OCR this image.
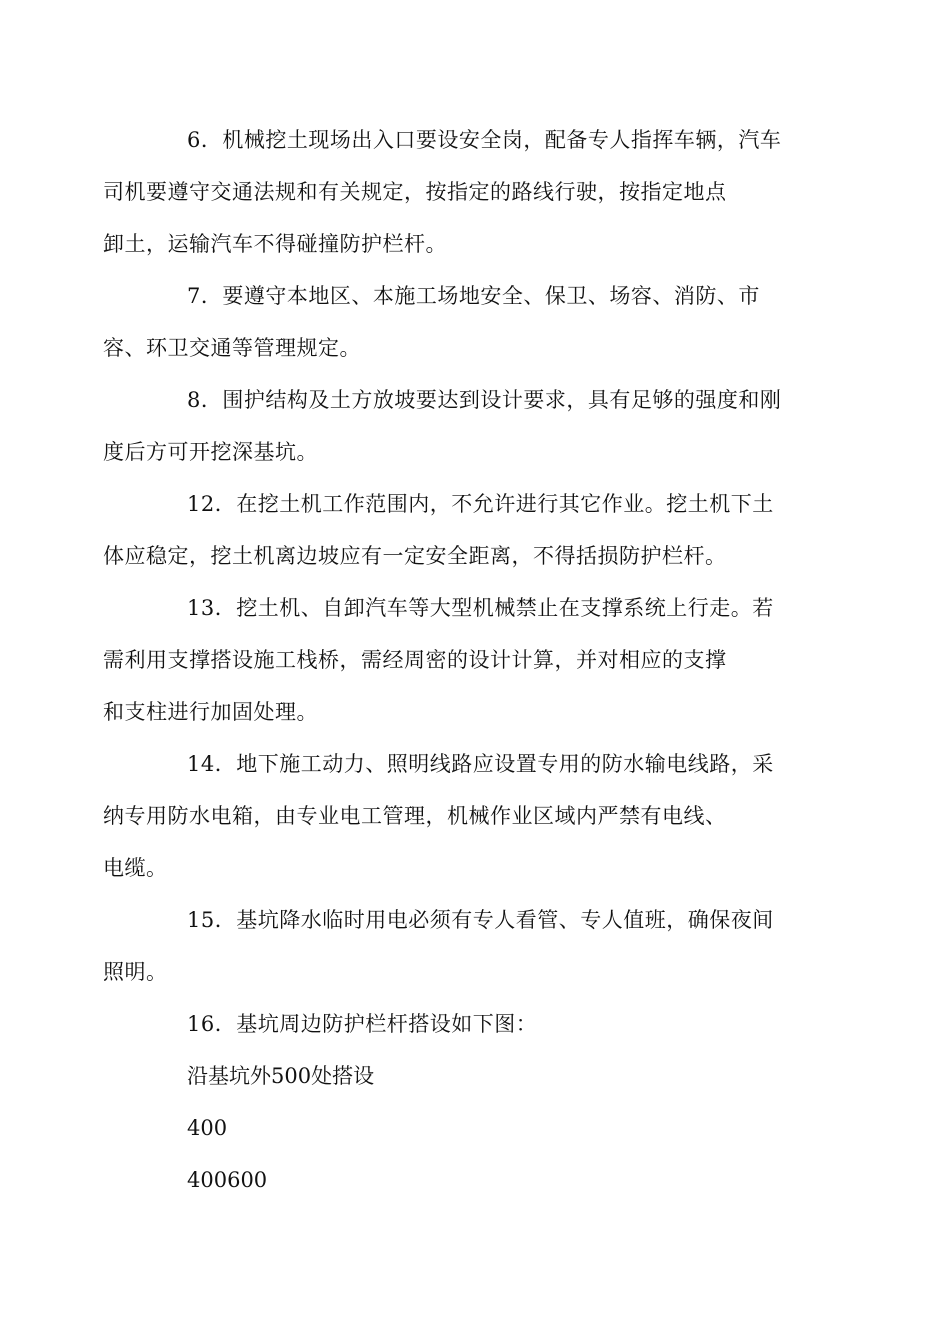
6．机械挖土现场出入口要设安全岗，配备专人指挥车辆，汽车
司机要遵守交通法规和有关规定，按指定的路线行驶，按指定地点
卸土，运输汽车不得碰撞防护栏杆。

7．要遵守本地区、本施工场地安全、保卫、场容、消防、市
容、环卫交通等管理规定。

8．围护结构及土方放坡要达到设计要求，具有足够的强度和刚
度后方可开挖深基坑。

12．在挖土机工作范围内，不允许进行其它作业。挖土机下土
体应稳定，挖土机离边坡应有一定安全距离，不得括损防护栏杆。

13．挖土机、自卸汽车等大型机械禁止在支撑系统上行走。若
需利用支撑搭设施工栈桥，需经周密的设计计算，并对相应的支撑
和支柱进行加固处理。

14．地下施工动力、照明线路应设置专用的防水输电线路，采
纳专用防水电箱，由专业电工管理，机械作业区域内严禁有电线、
电缆。

15．基坑降水临时用电必须有专人看管、专人值班，确保夜间
照明。

16．基坑周边防护栏杆搭设如下图：

沿基坑外500处搭设

400

400600
